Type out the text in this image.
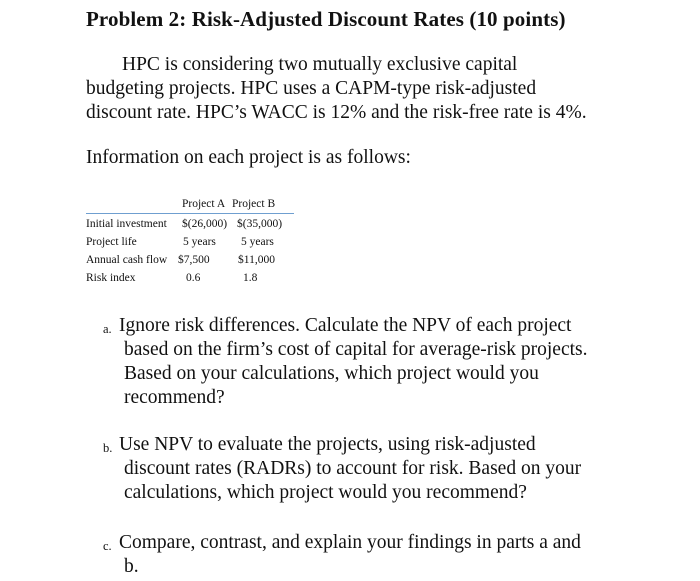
Problem 2: Risk-Adjusted Discount Rates (10 points)
HPC is considering two mutually exclusive capital
budgeting projects. HPC uses a CAPM-type risk-adjusted
discount rate. HPC’s WACC is 12% and the risk-free rate is 4%.
Information on each project is as follows:
Project A Project B
Initial investment $(26,000) $(35,000)
Project life	5 years 5 years
Annual cash flow $7,500 $11,000
Risk index	0.6	1.8
a. Ignore risk differences. Calculate the NPV of each project
based on the firm’s cost of capital for average-risk projects.
Based on your calculations, which project would you
recommend?
b. Use NPV to evaluate the projects, using risk-adjusted
discount rates (RADRs) to account for risk. Based on your
calculations, which project would you recommend?
c. Compare, contrast, and explain your findings in parts a and
b.
